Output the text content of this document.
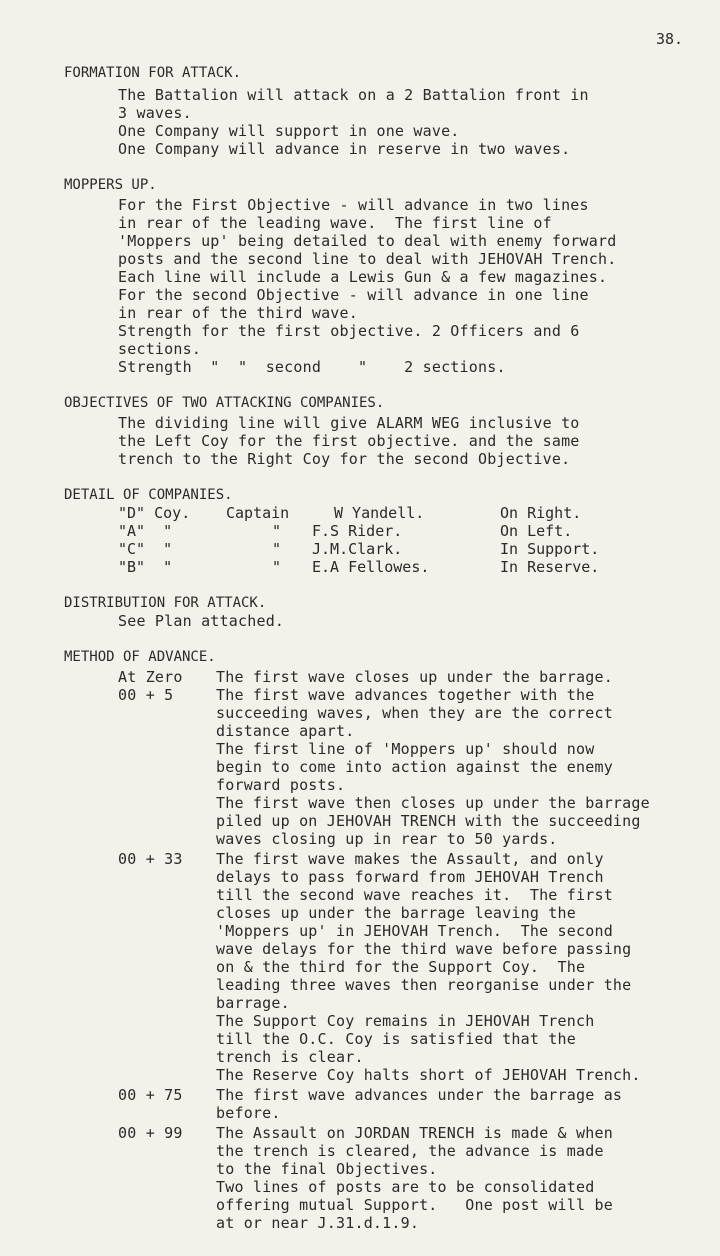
38.
FORMATION FOR ATTACK.
The Battalion will attack on a 2 Battalion front in
3 waves.
One Company will support in one wave.
One Company will advance in reserve in two waves.
MOPPERS UP.
For the First Objective - will advance in two lines
in rear of the leading wave.  The first line of
'Moppers up' being detailed to deal with enemy forward
posts and the second line to deal with JEHOVAH Trench.
Each line will include a Lewis Gun & a few magazines.
For the second Objective - will advance in one line
in rear of the third wave.
Strength for the first objective. 2 Officers and 6
sections.
Strength  "  "  second    "    2 sections.
OBJECTIVES OF TWO ATTACKING COMPANIES.
The dividing line will give ALARM WEG inclusive to
the Left Coy for the first objective. and the same
trench to the Right Coy for the second Objective.
DETAIL OF COMPANIES.
"D" Coy. Captain	W Yandell.	On Right.
"A"  "	" F.S Rider.	On Left.
"C"  "	" J.M.Clark.	In Support.
"B"  "	" E.A Fellowes.	In Reserve.
DISTRIBUTION FOR ATTACK.
See Plan attached.
METHOD OF ADVANCE.
At Zero The first wave closes up under the barrage.
00 + 5	The first wave advances together with the
succeeding waves, when they are the correct
distance apart.
The first line of 'Moppers up' should now
begin to come into action against the enemy
forward posts.
The first wave then closes up under the barrage
piled up on JEHOVAH TRENCH with the succeeding
waves closing up in rear to 50 yards.
00 + 33 The first wave makes the Assault, and only
delays to pass forward from JEHOVAH Trench
till the second wave reaches it.  The first
closes up under the barrage leaving the
'Moppers up' in JEHOVAH Trench.  The second
wave delays for the third wave before passing
on & the third for the Support Coy.  The
leading three waves then reorganise under the
barrage.
The Support Coy remains in JEHOVAH Trench
till the O.C. Coy is satisfied that the
trench is clear.
The Reserve Coy halts short of JEHOVAH Trench.
00 + 75 The first wave advances under the barrage as
before.
00 + 99 The Assault on JORDAN TRENCH is made & when
the trench is cleared, the advance is made
to the final Objectives.
Two lines of posts are to be consolidated
offering mutual Support.   One post will be
at or near J.31.d.1.9.
